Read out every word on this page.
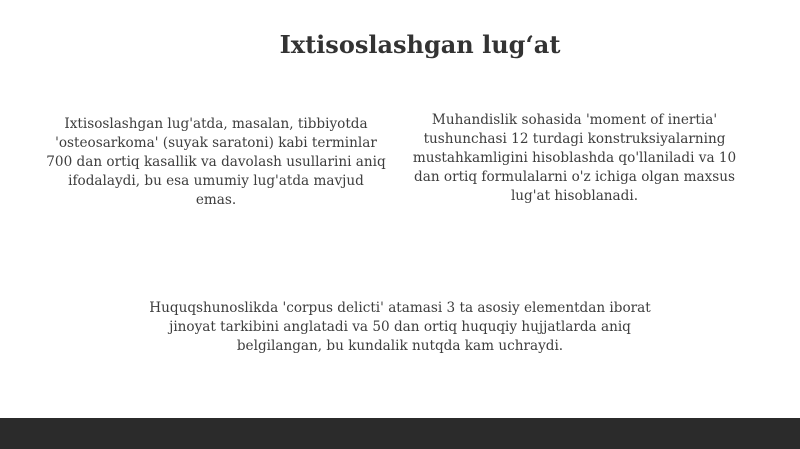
Ixtisoslashgan lug‘at

Ixtisoslashgan lug'atda, masalan, tibbiyotda 'osteosarkoma' (suyak saratoni) kabi terminlar 700 dan ortiq kasallik va davolash usullarini aniq ifodalaydi, bu esa umumiy lug'atda mavjud emas.

Muhandislik sohasida 'moment of inertia' tushunchasi 12 turdagi konstruksiyalarning mustahkamligini hisoblashda qo'llaniladi va 10 dan ortiq formulalarni o'z ichiga olgan maxsus lug'at hisoblanadi.

Huquqshunoslikda 'corpus delicti' atamasi 3 ta asosiy elementdan iborat jinoyat tarkibini anglatadi va 50 dan ortiq huquqiy hujjatlarda aniq belgilangan, bu kundalik nutqda kam uchraydi.
